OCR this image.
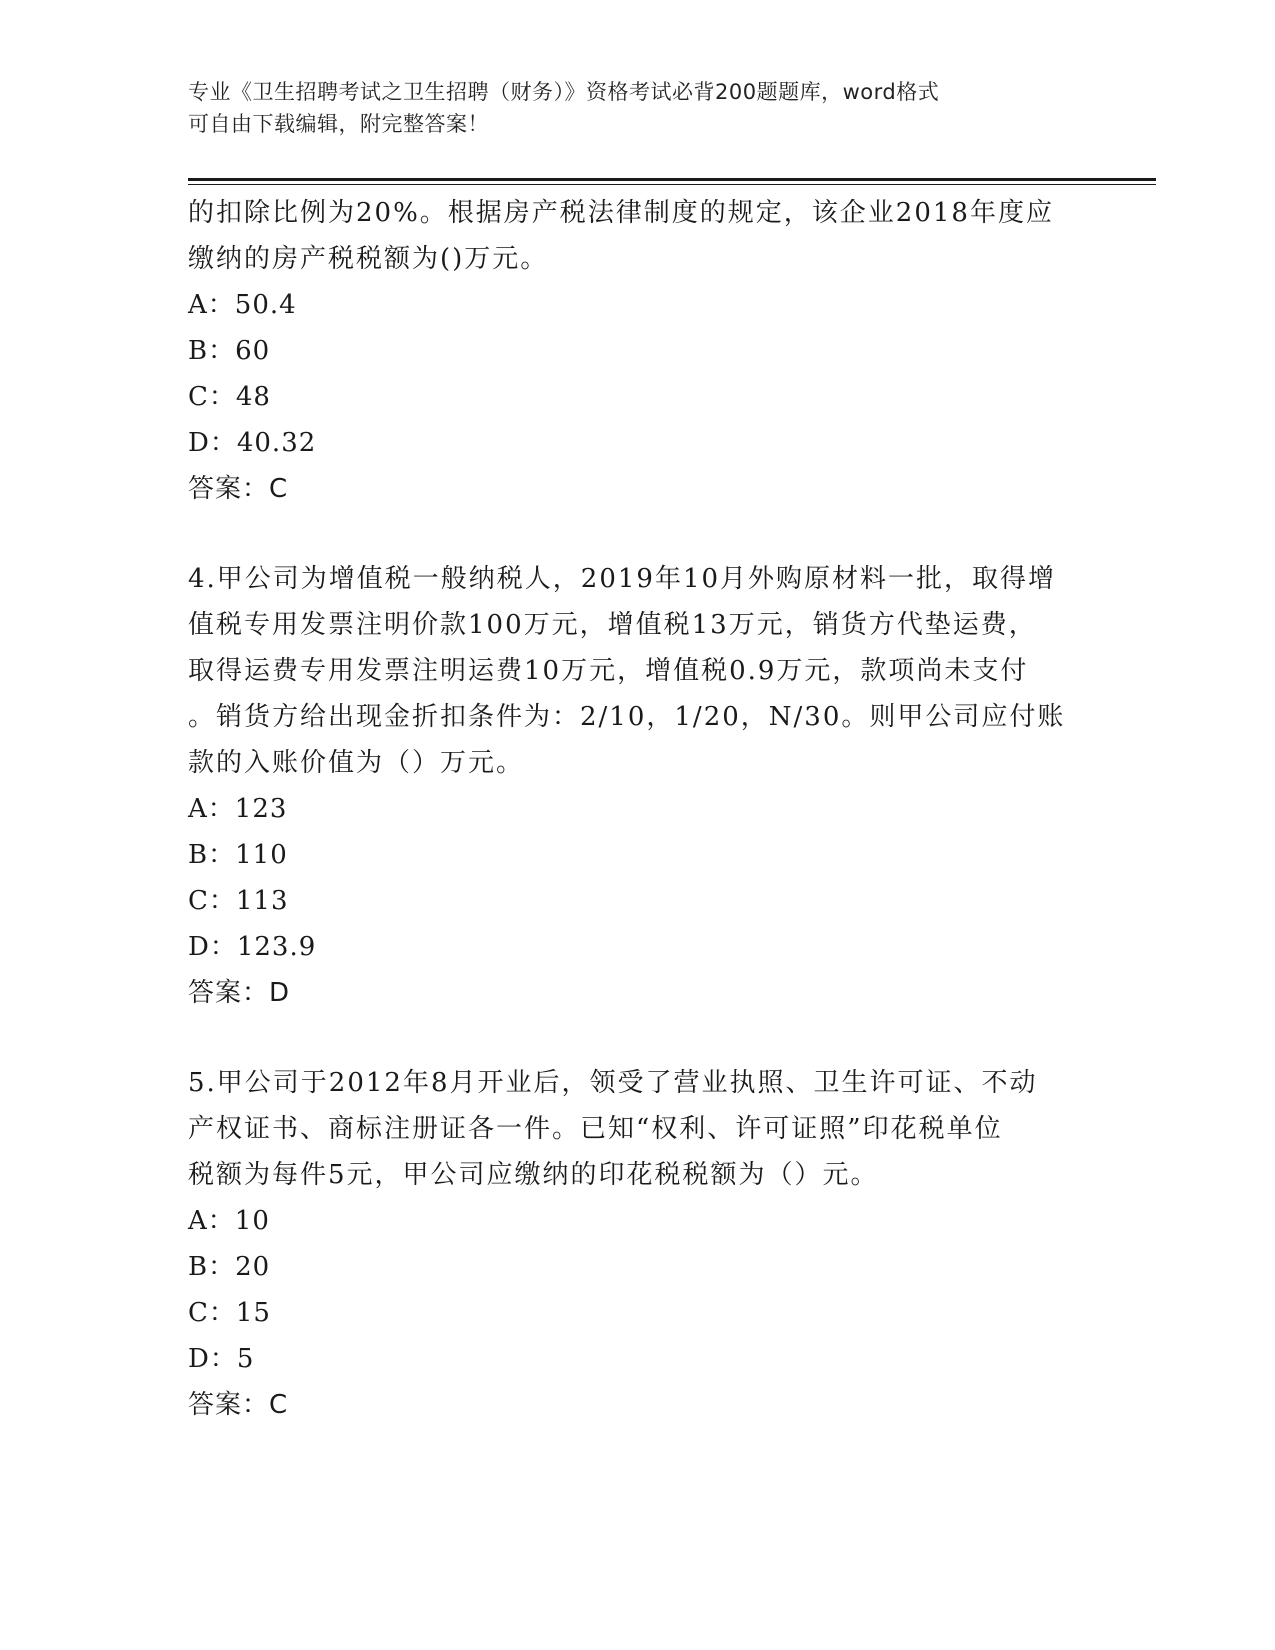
专业《卫生招聘考试之卫生招聘（财务）》资格考试必背200题题库，word格式
可自由下载编辑，附完整答案！
的扣除比例为20%。根据房产税法律制度的规定，该企业2018年度应
缴纳的房产税税额为()万元。
A：50.4
B：60
C：48
D：40.32
答案：C
4.甲公司为增值税一般纳税人，2019年10月外购原材料一批，取得增
值税专用发票注明价款100万元，增值税13万元，销货方代垫运费，
取得运费专用发票注明运费10万元，增值税0.9万元，款项尚未支付
。销货方给出现金折扣条件为：2/10，1/20，N/30。则甲公司应付账
款的入账价值为（）万元。
A：123
B：110
C：113
D：123.9
答案：D
5.甲公司于2012年8月开业后，领受了营业执照、卫生许可证、不动
产权证书、商标注册证各一件。已知“权利、许可证照”印花税单位
税额为每件5元，甲公司应缴纳的印花税税额为（）元。
A：10
B：20
C：15
D：5
答案：C
